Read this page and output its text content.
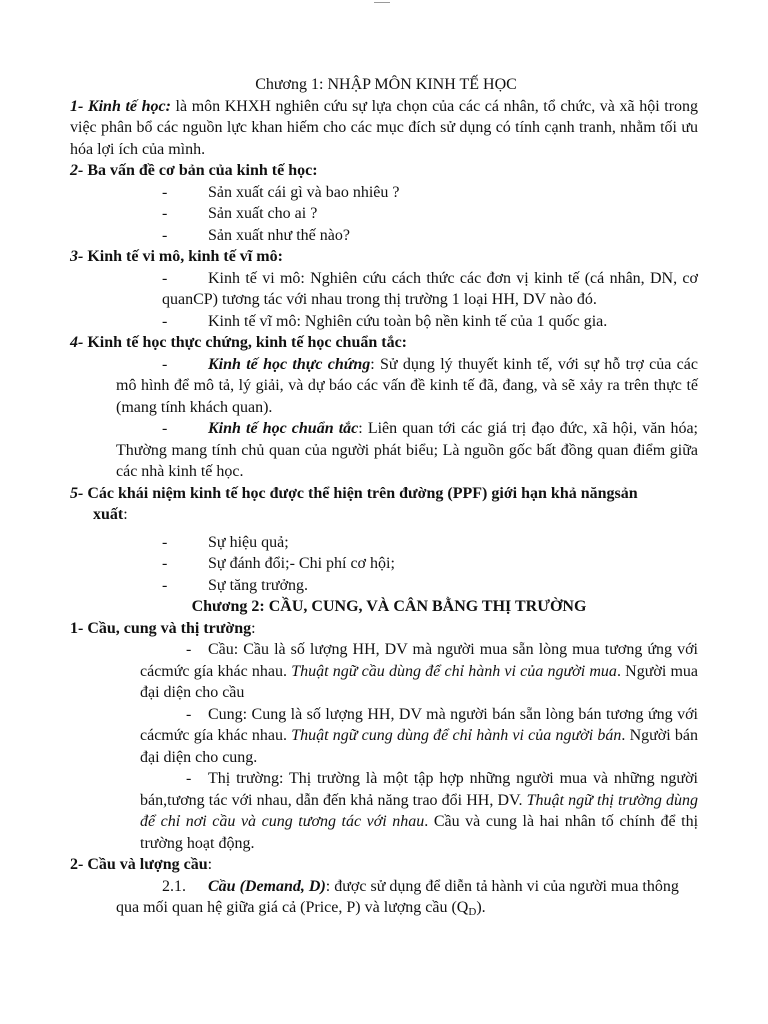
Chương 1: NHẬP MÔN KINH TẾ HỌC
1- Kinh tế học: là môn KHXH nghiên cứu sự lựa chọn của các cá nhân, tổ chức, và xã hội trong việc phân bổ các nguồn lực khan hiếm cho các mục đích sử dụng có tính cạnh tranh, nhằm tối ưu hóa lợi ích của mình.
2- Ba vấn đề cơ bản của kinh tế học:
-	Sản xuất cái gì và bao nhiêu ?
-	Sản xuất cho ai ?
-	Sản xuất như thế nào?
3- Kinh tế vi mô, kinh tế vĩ mô:
-	Kinh tế vi mô: Nghiên cứu cách thức các đơn vị kinh tế (cá nhân, DN, cơ quanCP) tương tác với nhau trong thị trường 1 loại HH, DV nào đó.
-	Kinh tế vĩ mô: Nghiên cứu toàn bộ nền kinh tế của 1 quốc gia.
4- Kinh tế học thực chứng, kinh tế học chuẩn tắc:
-	Kinh tế học thực chứng: Sử dụng lý thuyết kinh tế, với sự hỗ trợ của các mô hình để mô tả, lý giải, và dự báo các vấn đề kinh tế đã, đang, và sẽ xảy ra trên thực tế (mang tính khách quan).
-	Kinh tế học chuẩn tắc: Liên quan tới các giá trị đạo đức, xã hội, văn hóa; Thường mang tính chủ quan của người phát biểu; Là nguồn gốc bất đồng quan điểm giữa các nhà kinh tế học.
5- Các khái niệm kinh tế học được thể hiện trên đường (PPF) giới hạn khả năngsản
xuất:
-	Sự hiệu quả;
-	Sự đánh đổi;- Chi phí cơ hội;
-	Sự tăng trưởng.
Chương 2: CẦU, CUNG, VÀ CÂN BẰNG THỊ TRƯỜNG
1- Cầu, cung và thị trường:
- Cầu: Cầu là số lượng HH, DV mà người mua sẵn lòng mua tương ứng với cácmức gía khác nhau. Thuật ngữ cầu dùng để chỉ hành vi của người mua. Người mua đại diện cho cầu
- Cung: Cung là số lượng HH, DV mà người bán sẵn lòng bán tương ứng với cácmức gía khác nhau. Thuật ngữ cung dùng để chỉ hành vi của người bán. Người bán đại diện cho cung.
- Thị trường: Thị trường là một tập hợp những người mua và những người bán,tương tác với nhau, dẫn đến khả năng trao đổi HH, DV. Thuật ngữ thị trường dùng để chỉ nơi cầu và cung tương tác với nhau. Cầu và cung là hai nhân tố chính để thị trường hoạt động.
2- Cầu và lượng cầu:
2.1. Cầu (Demand, D): được sử dụng để diễn tả hành vi của người mua thông qua mối quan hệ giữa giá cả (Price, P) và lượng cầu $(Q_D)$.
